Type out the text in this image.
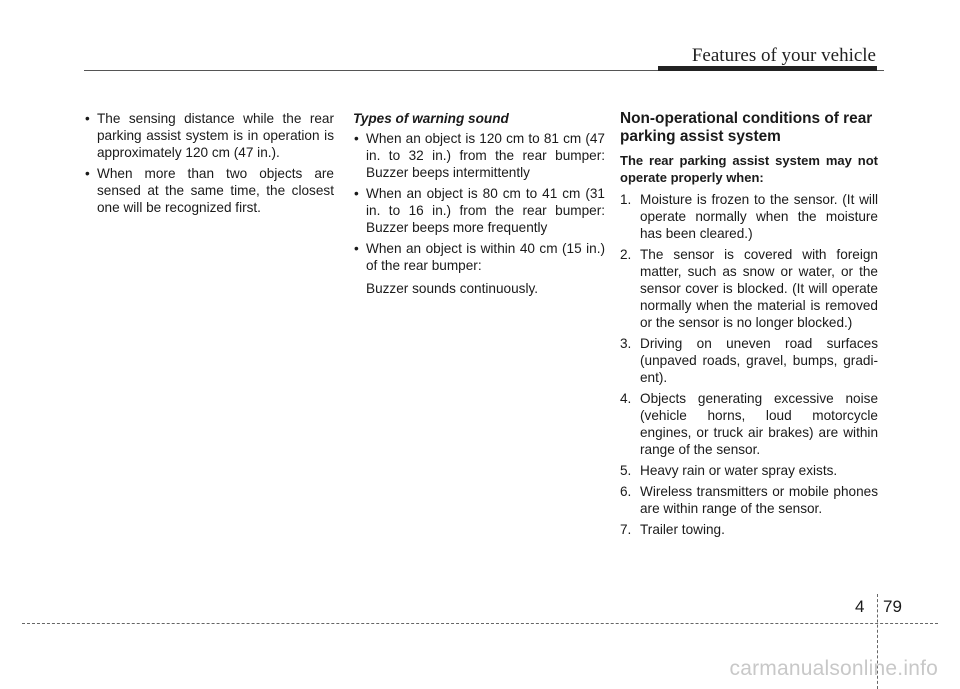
Features of your vehicle
• The sensing distance while the rear parking assist system is in operation is approximately 120 cm (47 in.).
• When more than two objects are sensed at the same time, the closest one will be recognized first.
Types of warning sound
• When an object is 120 cm to 81 cm (47 in. to 32 in.) from the rear bumper: Buzzer beeps intermittently
• When an object is 80 cm to 41 cm (31 in. to 16 in.) from the rear bumper: Buzzer beeps more frequently
• When an object is within 40 cm (15 in.) of the rear bumper:
Buzzer sounds continuously.
Non-operational conditions of rear parking assist system
The rear parking assist system may not operate properly when:
1. Moisture is frozen to the sensor. (It will operate normally when the moisture has been cleared.)
2. The sensor is covered with foreign matter, such as snow or water, or the sensor cover is blocked. (It will operate normally when the material is removed or the sensor is no longer blocked.)
3. Driving on uneven road surfaces (unpaved roads, gravel, bumps, gradi-ent).
4. Objects generating excessive noise (vehicle horns, loud motorcycle engines, or truck air brakes) are within range of the sensor.
5. Heavy rain or water spray exists.
6. Wireless transmitters or mobile phones are within range of the sensor.
7. Trailer towing.
4 79
carmanualsonline.info
